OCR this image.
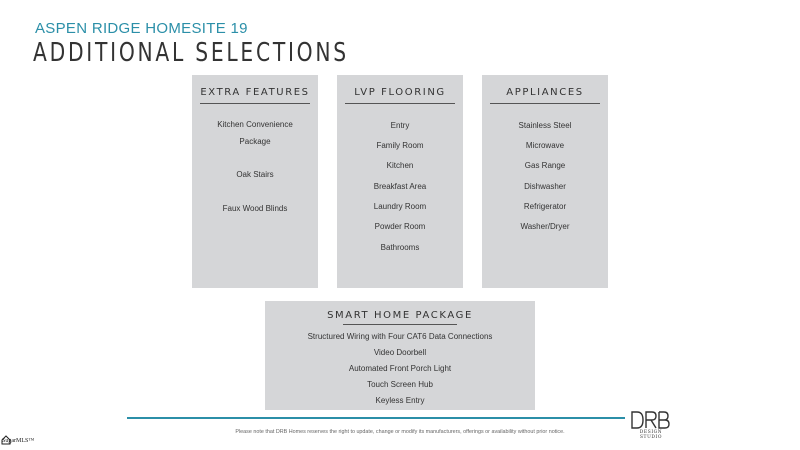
ASPEN RIDGE HOMESITE 19
ADDITIONAL SELECTIONS
EXTRA FEATURES
Kitchen Convenience
Package
Oak Stairs
Faux Wood Blinds
LVP FLOORING
Entry
Family Room
Kitchen
Breakfast Area
Laundry Room
Powder Room
Bathrooms
APPLIANCES
Stainless Steel
Microwave
Gas Range
Dishwasher
Refrigerator
Washer/Dryer
SMART HOME PACKAGE
Structured Wiring with Four CAT6 Data Connections
Video Doorbell
Automated Front Porch Light
Touch Screen Hub
Keyless Entry
Please note that DRB Homes reserves the right to update, change or modify its manufacturers, offerings or availability without prior notice.	DESIGN STUDIO
SugarMLS™
